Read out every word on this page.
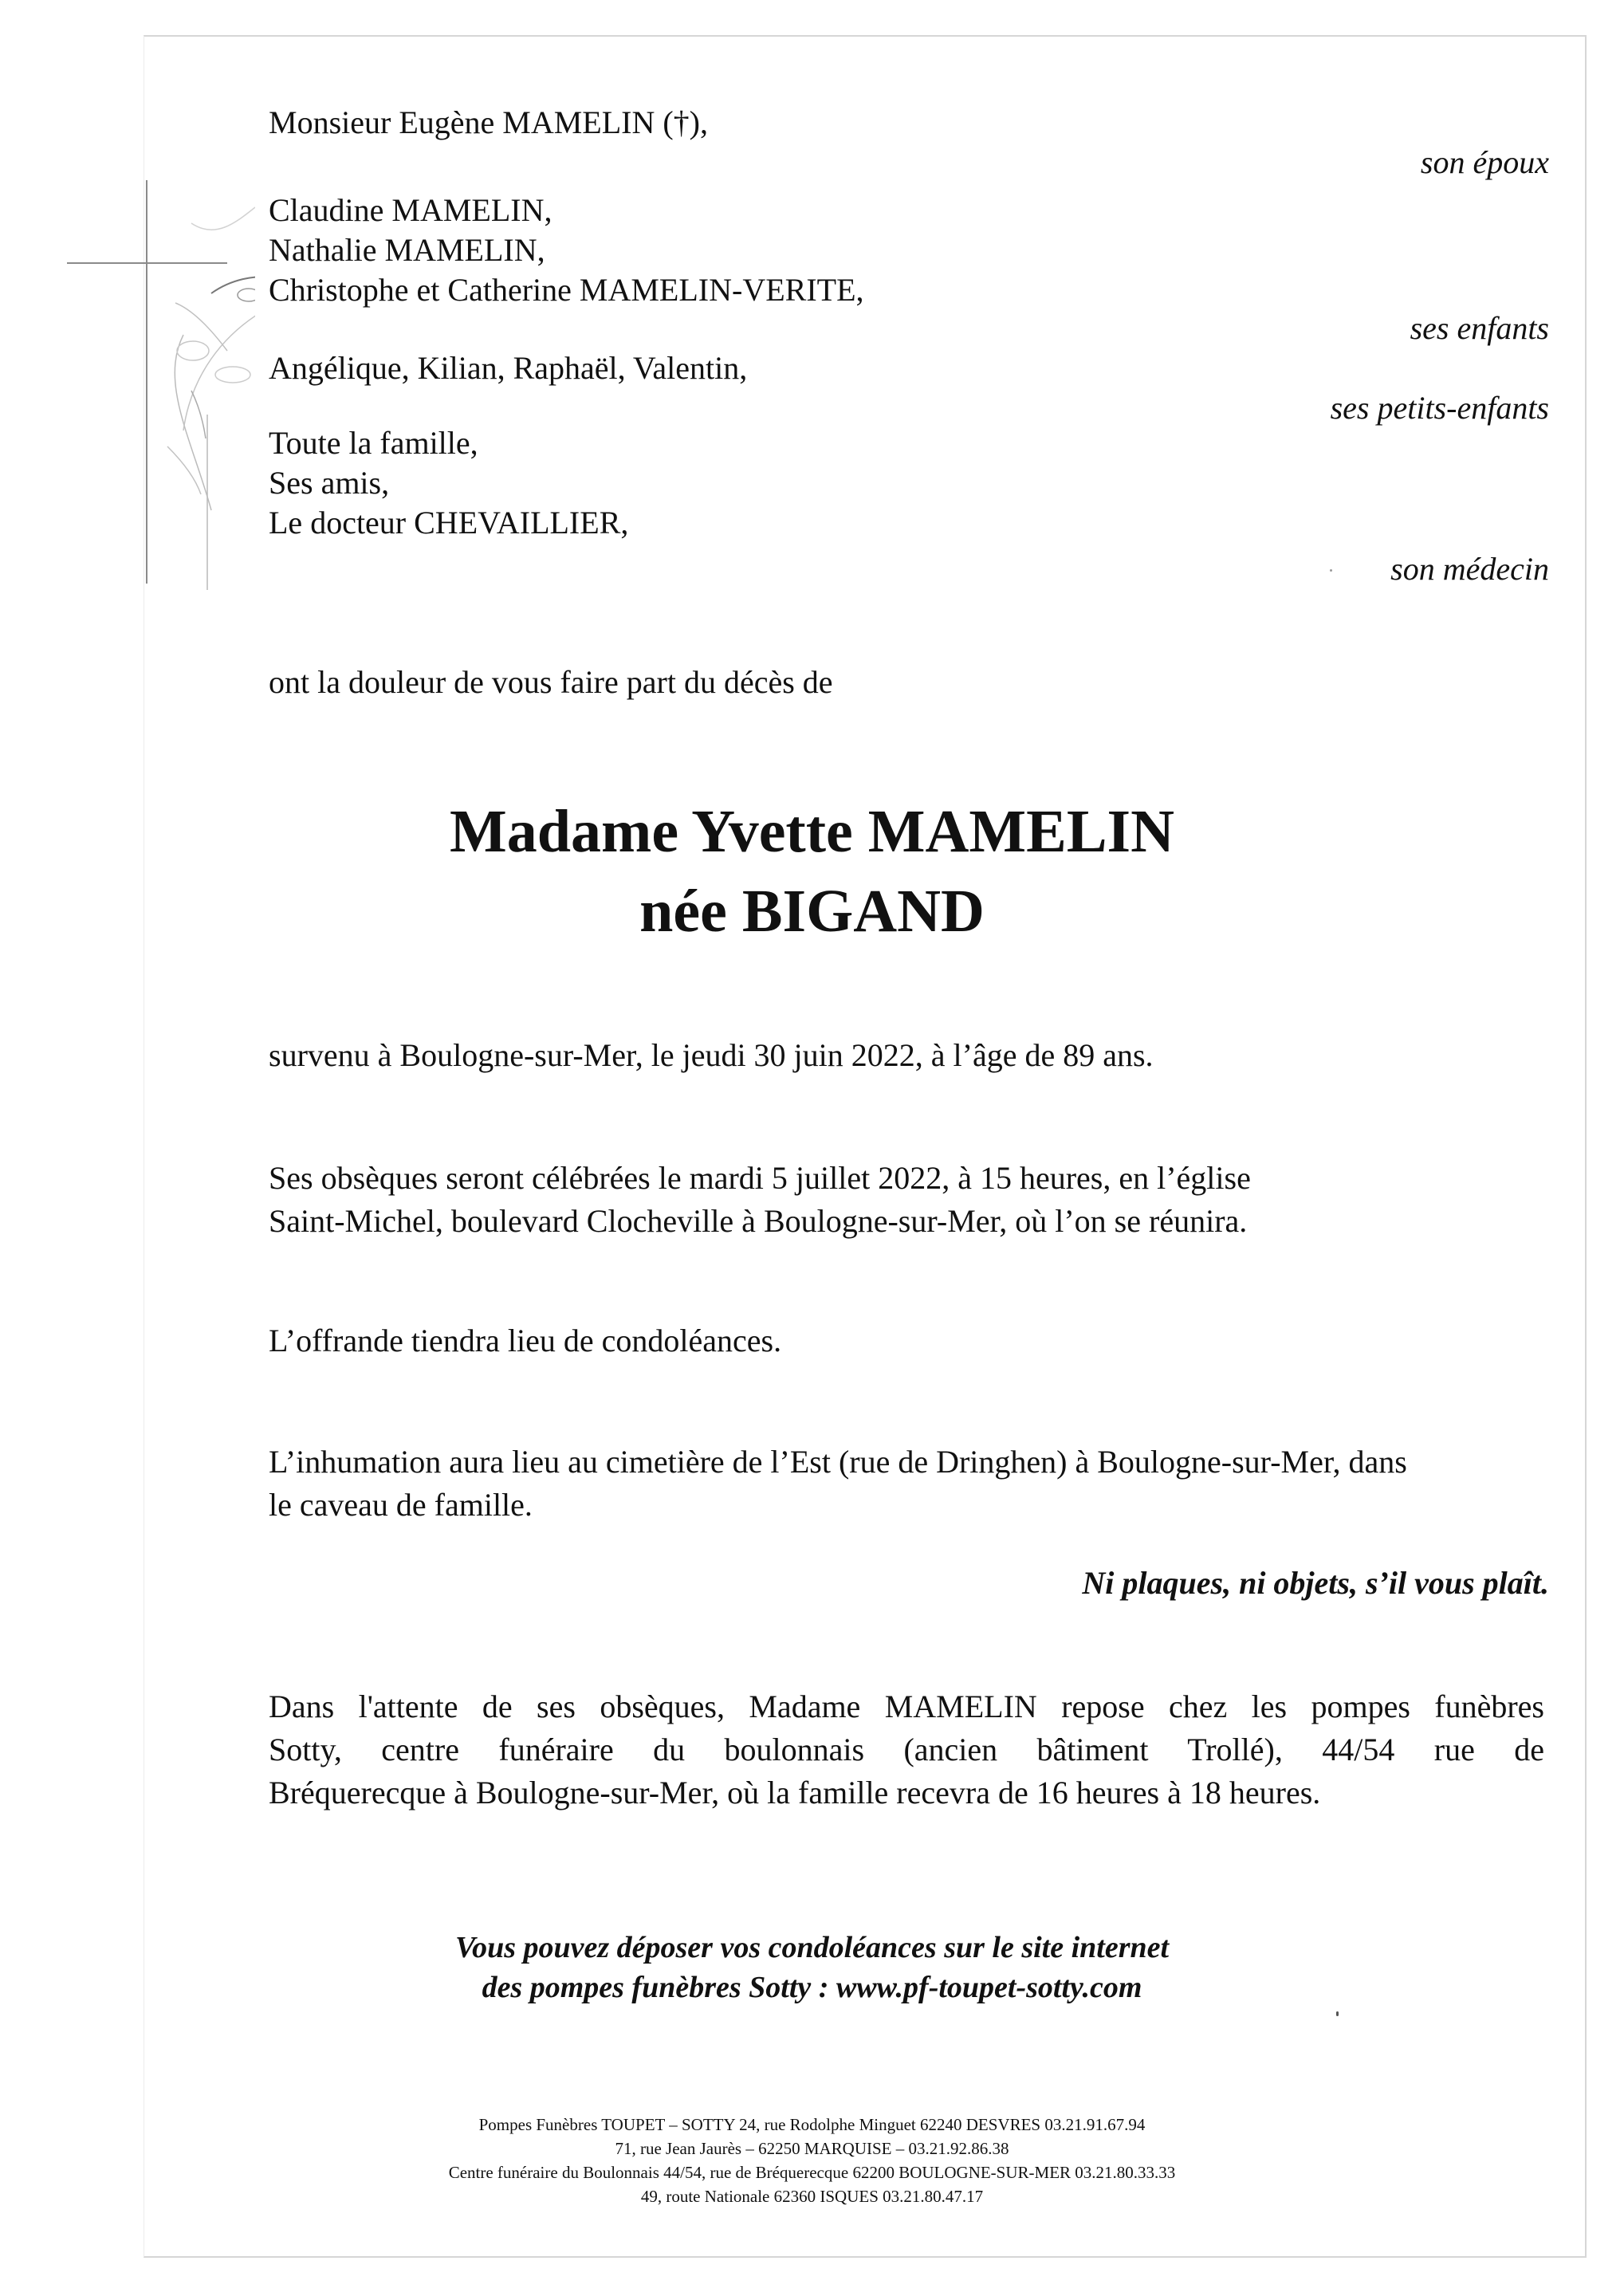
Monsieur Eugène MAMELIN (†),
son époux
Claudine MAMELIN,
Nathalie MAMELIN,
Christophe et Catherine MAMELIN-VERITE,
ses enfants
Angélique, Kilian, Raphaël, Valentin,
ses petits-enfants
Toute la famille,
Ses amis,
Le docteur CHEVAILLIER,
son médecin
ont la douleur de vous faire part du décès de
Madame Yvette MAMELIN
née BIGAND
survenu à Boulogne-sur-Mer, le jeudi 30 juin 2022, à l’âge de 89 ans.
Ses obsèques seront célébrées le mardi 5 juillet 2022, à 15 heures, en l’église
Saint-Michel, boulevard Clocheville à Boulogne-sur-Mer, où l’on se réunira.
L’offrande tiendra lieu de condoléances.
L’inhumation aura lieu au cimetière de l’Est (rue de Dringhen) à Boulogne-sur-Mer, dans
le caveau de famille.
Ni plaques, ni objets, s’il vous plaît.
Dans l'attente de ses obsèques, Madame MAMELIN repose chez les pompes funèbres
Sotty, centre funéraire du boulonnais (ancien bâtiment Trollé), 44/54 rue de
Bréquerecque à Boulogne-sur-Mer, où la famille recevra de 16 heures à 18 heures.
Vous pouvez déposer vos condoléances sur le site internet
des pompes funèbres Sotty : www.pf-toupet-sotty.com
Pompes Funèbres TOUPET – SOTTY 24, rue Rodolphe Minguet 62240 DESVRES 03.21.91.67.94
71, rue Jean Jaurès – 62250 MARQUISE – 03.21.92.86.38
Centre funéraire du Boulonnais 44/54, rue de Bréquerecque 62200 BOULOGNE-SUR-MER 03.21.80.33.33
49, route Nationale 62360 ISQUES 03.21.80.47.17
